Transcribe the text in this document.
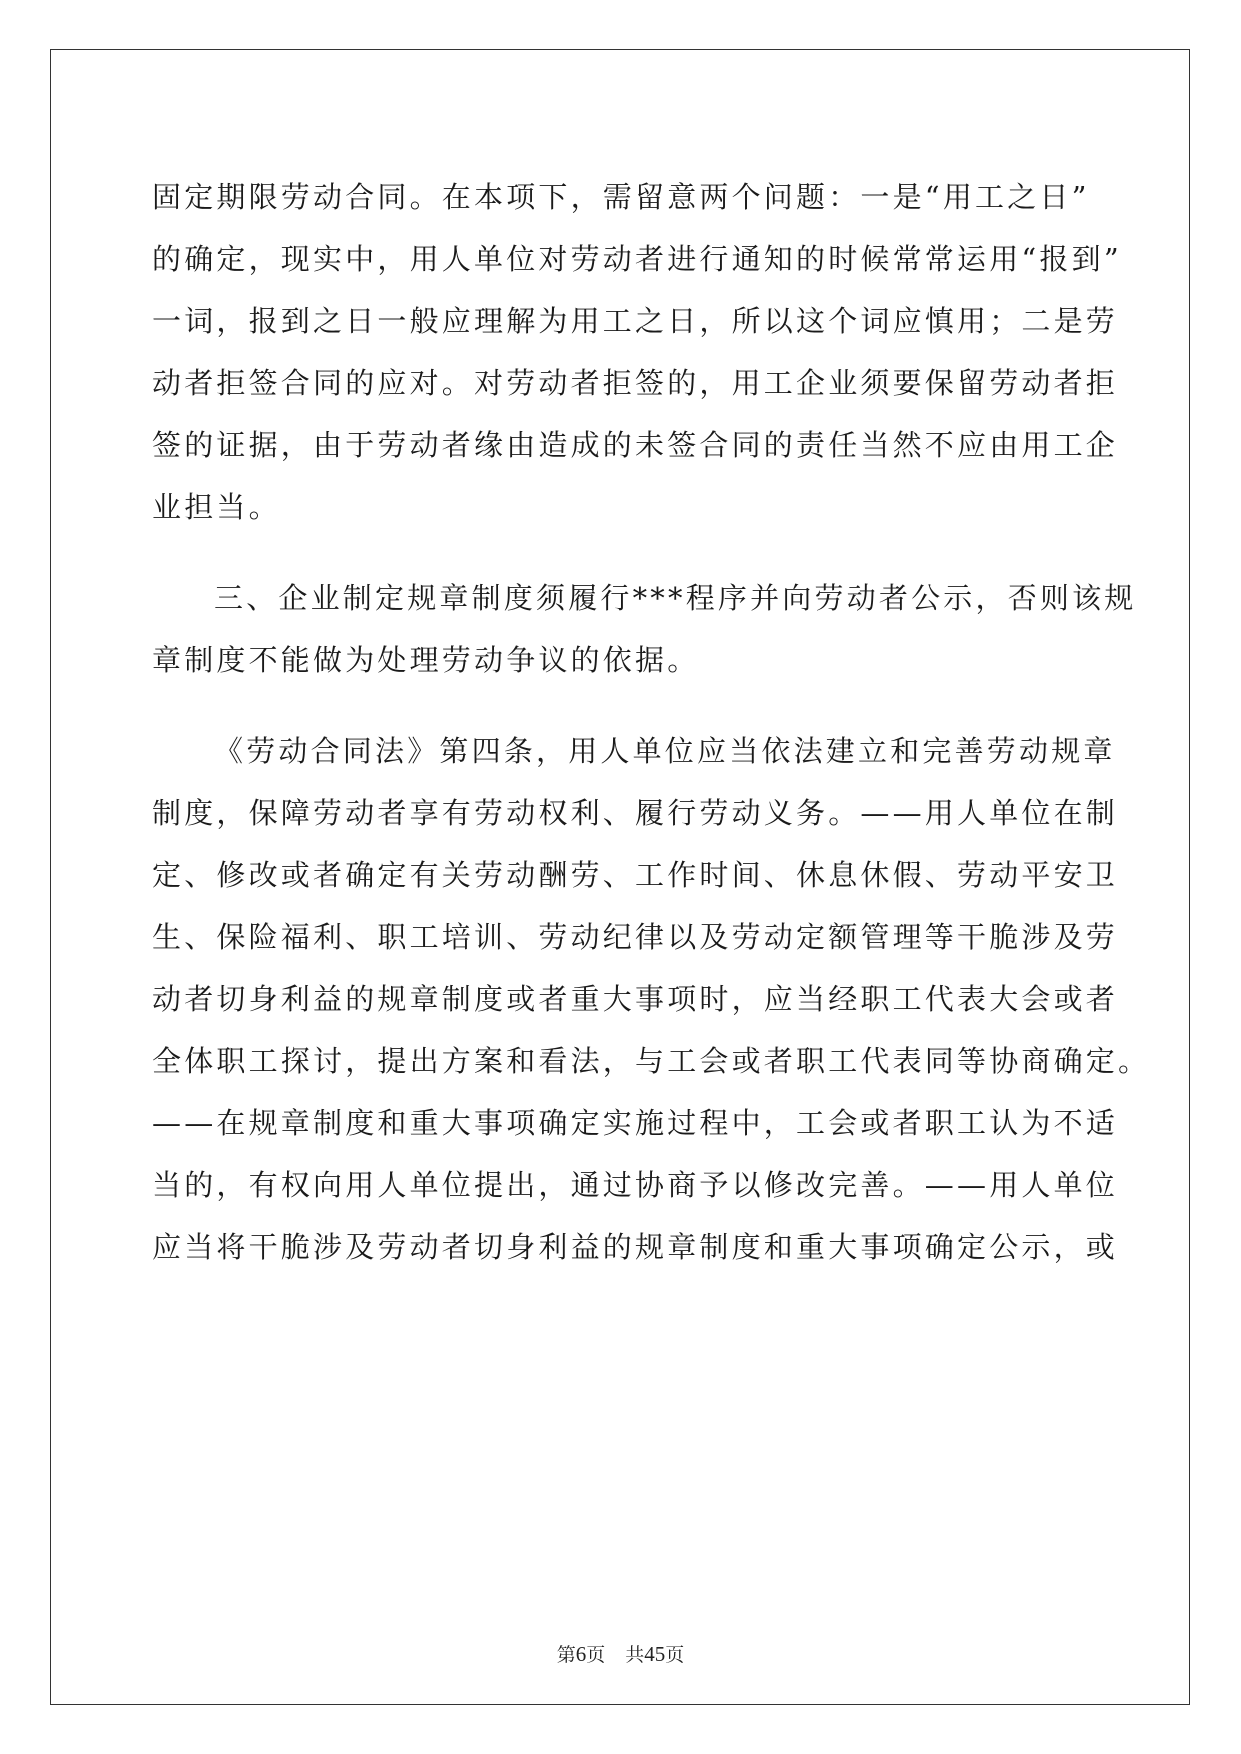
固定期限劳动合同。在本项下，需留意两个问题：一是“用工之日”
的确定，现实中，用人单位对劳动者进行通知的时候常常运用“报到”
一词，报到之日一般应理解为用工之日，所以这个词应慎用；二是劳
动者拒签合同的应对。对劳动者拒签的，用工企业须要保留劳动者拒
签的证据，由于劳动者缘由造成的未签合同的责任当然不应由用工企
业担当。
三、企业制定规章制度须履行***程序并向劳动者公示，否则该规
章制度不能做为处理劳动争议的依据。
《劳动合同法》第四条，用人单位应当依法建立和完善劳动规章
制度，保障劳动者享有劳动权利、履行劳动义务。——用人单位在制
定、修改或者确定有关劳动酬劳、工作时间、休息休假、劳动平安卫
生、保险福利、职工培训、劳动纪律以及劳动定额管理等干脆涉及劳
动者切身利益的规章制度或者重大事项时，应当经职工代表大会或者
全体职工探讨，提出方案和看法，与工会或者职工代表同等协商确定。
——在规章制度和重大事项确定实施过程中，工会或者职工认为不适
当的，有权向用人单位提出，通过协商予以修改完善。——用人单位
应当将干脆涉及劳动者切身利益的规章制度和重大事项确定公示，或
第6页 共45页
